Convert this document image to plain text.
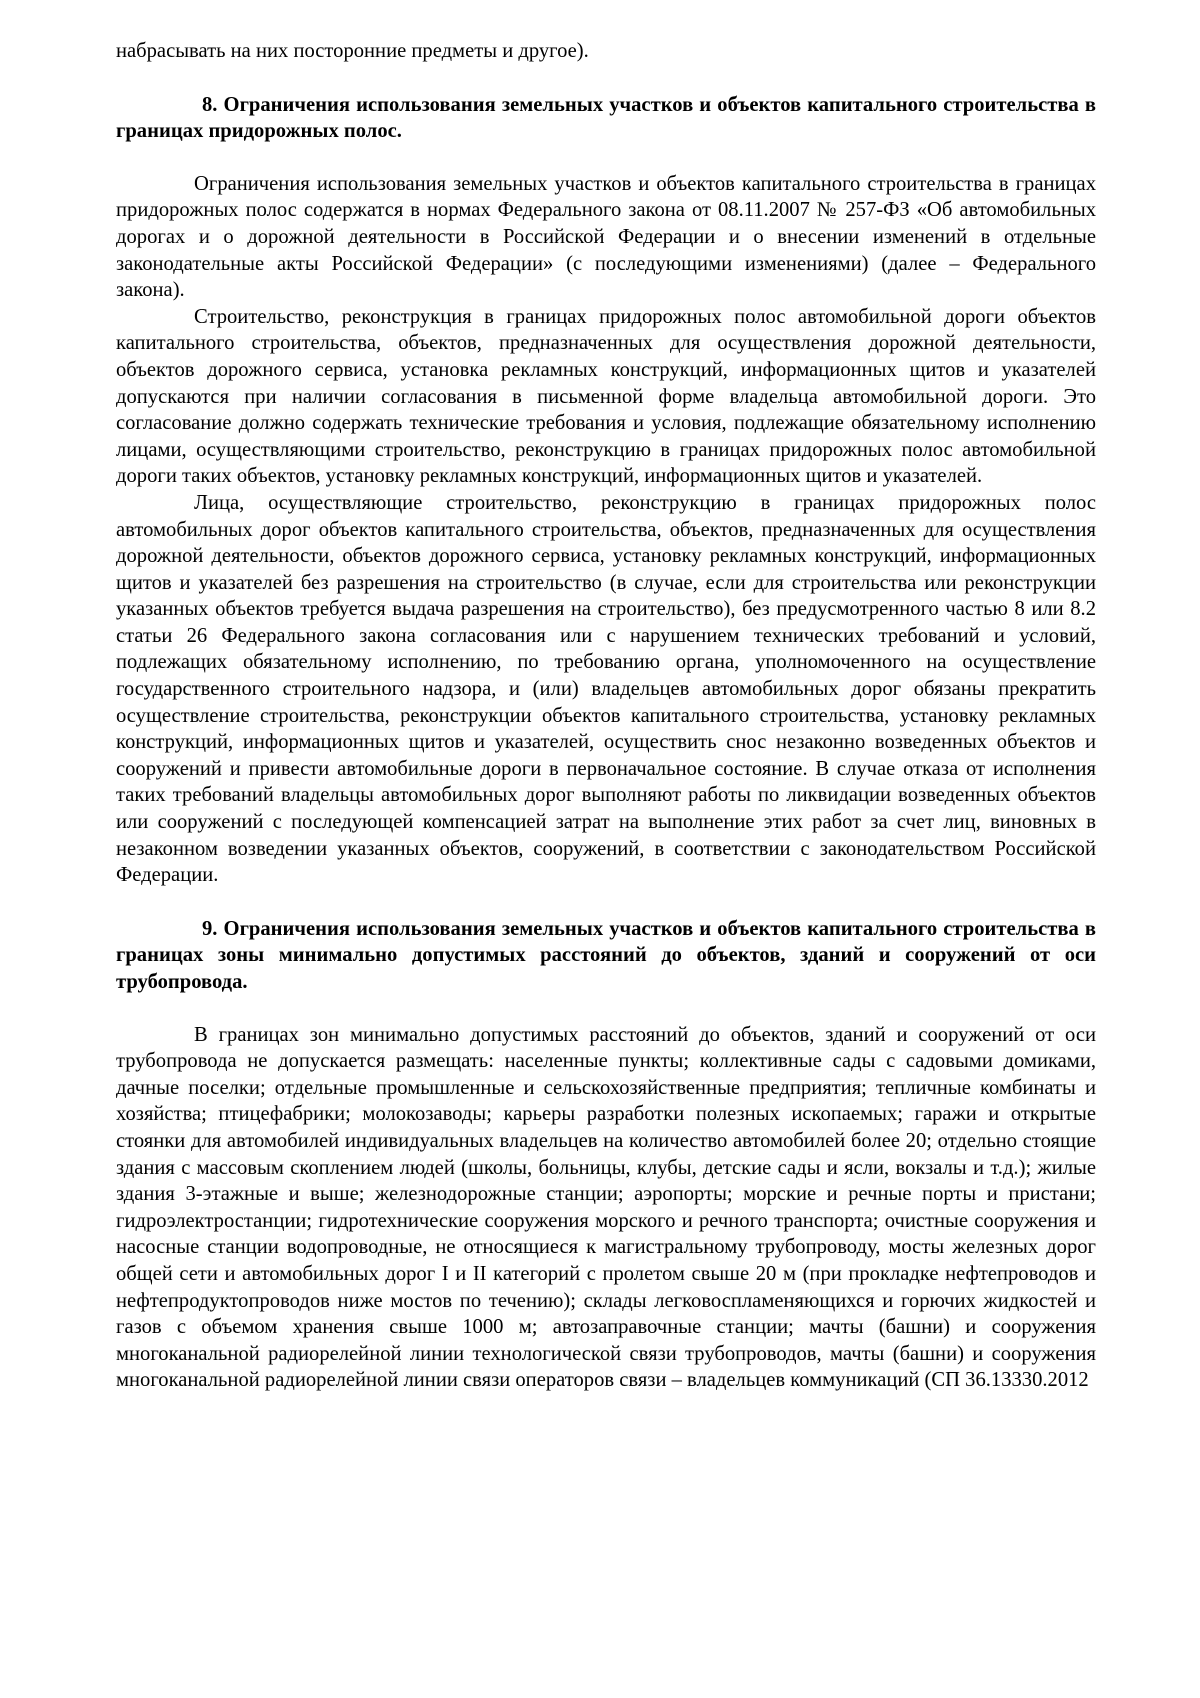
набрасывать на них посторонние предметы и другое).

8. Ограничения использования земельных участков и объектов капитального строительства в границах придорожных полос.

Ограничения использования земельных участков и объектов капитального строительства в границах придорожных полос содержатся в нормах Федерального закона от 08.11.2007 № 257-ФЗ «Об автомобильных дорогах и о дорожной деятельности в Российской Федерации и о внесении изменений в отдельные законодательные акты Российской Федерации» (с последующими изменениями) (далее – Федерального закона).

Строительство, реконструкция в границах придорожных полос автомобильной дороги объектов капитального строительства, объектов, предназначенных для осуществления дорожной деятельности, объектов дорожного сервиса, установка рекламных конструкций, информационных щитов и указателей допускаются при наличии согласования в письменной форме владельца автомобильной дороги. Это согласование должно содержать технические требования и условия, подлежащие обязательному исполнению лицами, осуществляющими строительство, реконструкцию в границах придорожных полос автомобильной дороги таких объектов, установку рекламных конструкций, информационных щитов и указателей.

Лица, осуществляющие строительство, реконструкцию в границах придорожных полос автомобильных дорог объектов капитального строительства, объектов, предназначенных для осуществления дорожной деятельности, объектов дорожного сервиса, установку рекламных конструкций, информационных щитов и указателей без разрешения на строительство (в случае, если для строительства или реконструкции указанных объектов требуется выдача разрешения на строительство), без предусмотренного частью 8 или 8.2 статьи 26 Федерального закона согласования или с нарушением технических требований и условий, подлежащих обязательному исполнению, по требованию органа, уполномоченного на осуществление государственного строительного надзора, и (или) владельцев автомобильных дорог обязаны прекратить осуществление строительства, реконструкции объектов капитального строительства, установку рекламных конструкций, информационных щитов и указателей, осуществить снос незаконно возведенных объектов и сооружений и привести автомобильные дороги в первоначальное состояние. В случае отказа от исполнения таких требований владельцы автомобильных дорог выполняют работы по ликвидации возведенных объектов или сооружений с последующей компенсацией затрат на выполнение этих работ за счет лиц, виновных в незаконном возведении указанных объектов, сооружений, в соответствии с законодательством Российской Федерации.

9. Ограничения использования земельных участков и объектов капитального строительства в границах зоны минимально допустимых расстояний до объектов, зданий и сооружений от оси трубопровода.

В границах зон минимально допустимых расстояний до объектов, зданий и сооружений от оси трубопровода не допускается размещать: населенные пункты; коллективные сады с садовыми домиками, дачные поселки; отдельные промышленные и сельскохозяйственные предприятия; тепличные комбинаты и хозяйства; птицефабрики; молокозаводы; карьеры разработки полезных ископаемых; гаражи и открытые стоянки для автомобилей индивидуальных владельцев на количество автомобилей более 20; отдельно стоящие здания с массовым скоплением людей (школы, больницы, клубы, детские сады и ясли, вокзалы и т.д.); жилые здания 3-этажные и выше; железнодорожные станции; аэропорты; морские и речные порты и пристани; гидроэлектростанции; гидротехнические сооружения морского и речного транспорта; очистные сооружения и насосные станции водопроводные, не относящиеся к магистральному трубопроводу, мосты железных дорог общей сети и автомобильных дорог I и II категорий с пролетом свыше 20 м (при прокладке нефтепроводов и нефтепродуктопроводов ниже мостов по течению); склады легковоспламеняющихся и горючих жидкостей и газов с объемом хранения свыше 1000 м; автозаправочные станции; мачты (башни) и сооружения многоканальной радиорелейной линии технологической связи трубопроводов, мачты (башни) и сооружения многоканальной радиорелейной линии связи операторов связи – владельцев коммуникаций (СП 36.13330.2012
